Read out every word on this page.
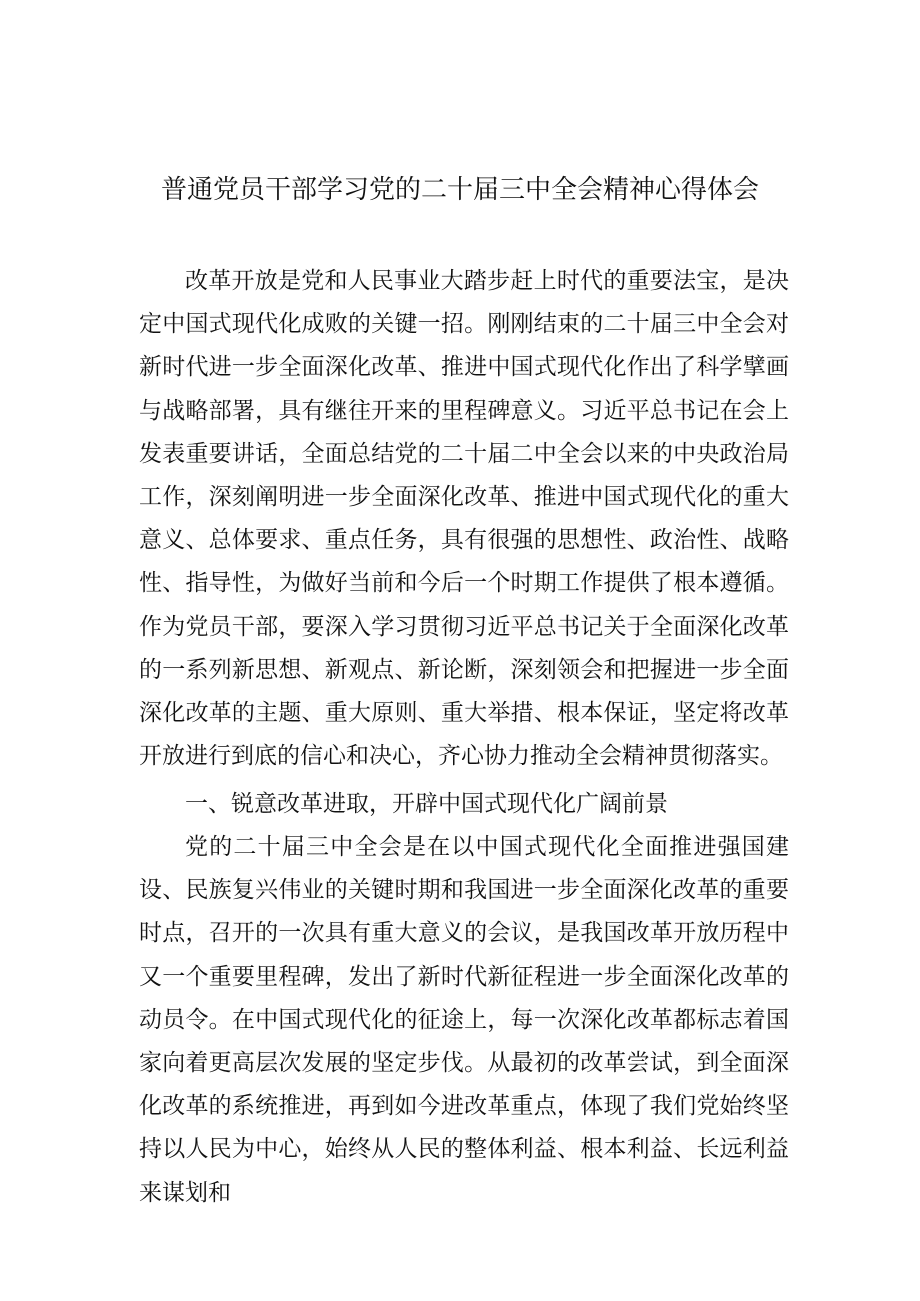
普通党员干部学习党的二十届三中全会精神心得体会

改革开放是党和人民事业大踏步赶上时代的重要法宝，是决定中国式现代化成败的关键一招。刚刚结束的二十届三中全会对新时代进一步全面深化改革、推进中国式现代化作出了科学擘画与战略部署，具有继往开来的里程碑意义。习近平总书记在会上发表重要讲话，全面总结党的二十届二中全会以来的中央政治局工作，深刻阐明进一步全面深化改革、推进中国式现代化的重大意义、总体要求、重点任务，具有很强的思想性、政治性、战略性、指导性，为做好当前和今后一个时期工作提供了根本遵循。作为党员干部，要深入学习贯彻习近平总书记关于全面深化改革的一系列新思想、新观点、新论断，深刻领会和把握进一步全面深化改革的主题、重大原则、重大举措、根本保证，坚定将改革开放进行到底的信心和决心，齐心协力推动全会精神贯彻落实。

一、锐意改革进取，开辟中国式现代化广阔前景

党的二十届三中全会是在以中国式现代化全面推进强国建设、民族复兴伟业的关键时期和我国进一步全面深化改革的重要时点，召开的一次具有重大意义的会议，是我国改革开放历程中又一个重要里程碑，发出了新时代新征程进一步全面深化改革的动员令。在中国式现代化的征途上，每一次深化改革都标志着国家向着更高层次发展的坚定步伐。从最初的改革尝试，到全面深化改革的系统推进，再到如今进改革重点，体现了我们党始终坚持以人民为中心，始终从人民的整体利益、根本利益、长远利益来谋划和
